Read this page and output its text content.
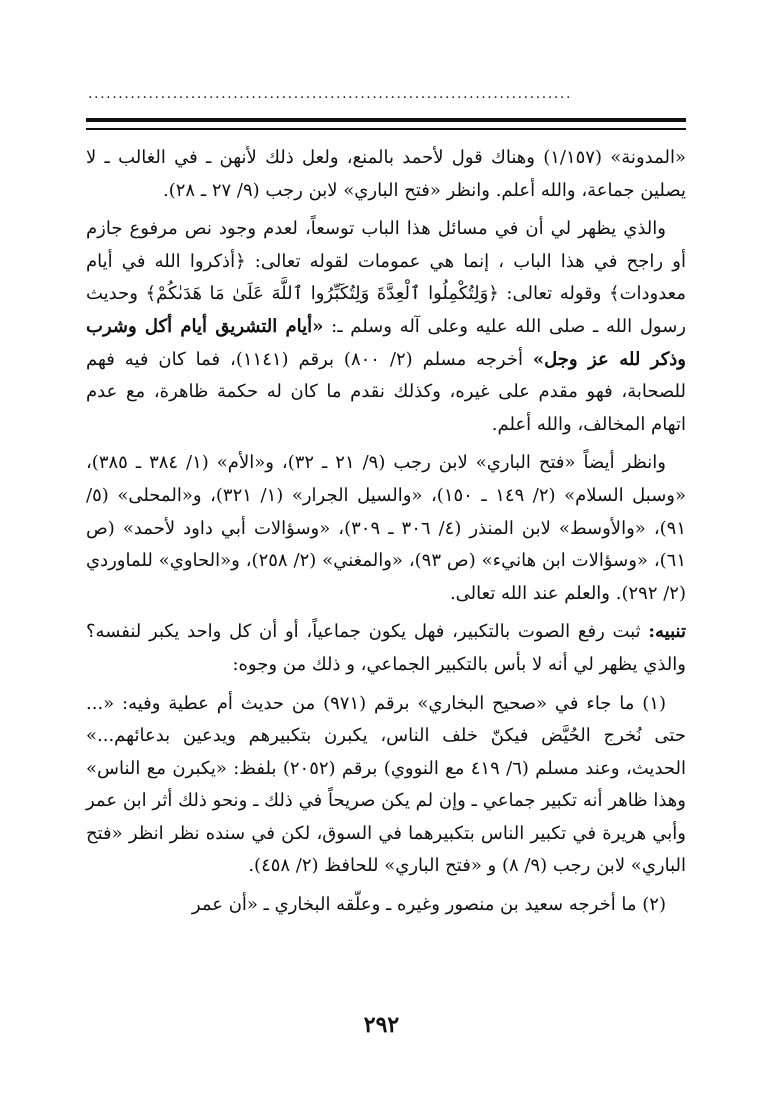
................................................................................

«المدونة» (١/١٥٧) وهناك قول لأحمد بالمنع، ولعل ذلك لأنهن ـ في الغالب ـ لا يصلين جماعة، والله أعلم. وانظر «فتح الباري» لابن رجب (٩/ ٢٧ ـ ٢٨).

والذي يظهر لي أن في مسائل هذا الباب توسعاً، لعدم وجود نص مرفوع جازم أو راجح في هذا الباب ، إنما هي عمومات لقوله تعالى: ﴿أذكروا الله في أيام معدودات﴾ وقوله تعالى: ﴿وَلِتُكْمِلُوا ٱلْعِدَّةَ وَلِتُكَبِّرُوا ٱللَّهَ عَلَىٰ مَا هَدَىٰكُمْ﴾ وحديث رسول الله ـ صلى الله عليه وعلى آله وسلم ـ: «أيام التشريق أيام أكل وشرب وذكر لله عز وجل» أخرجه مسلم (٢/ ٨٠٠) برقم (١١٤١)، فما كان فيه فهم للصحابة، فهو مقدم على غيره، وكذلك نقدم ما كان له حكمة ظاهرة، مع عدم اتهام المخالف، والله أعلم.

وانظر أيضاً «فتح الباري» لابن رجب (٩/ ٢١ ـ ٣٢)، و«الأم» (١/ ٣٨٤ ـ ٣٨٥)، «وسبل السلام» (٢/ ١٤٩ ـ ١٥٠)، «والسيل الجرار» (١/ ٣٢١)، و«المحلى» (٥/ ٩١)، «والأوسط» لابن المنذر (٤/ ٣٠٦ ـ ٣٠٩)، «وسؤالات أبي داود لأحمد» (ص ٦١)، «وسؤالات ابن هانيء» (ص ٩٣)، «والمغني» (٢/ ٢٥٨)، و«الحاوي» للماوردي (٢/ ٢٩٢). والعلم عند الله تعالى.

تنبيه: ثبت رفع الصوت بالتكبير، فهل يكون جماعياً، أو أن كل واحد يكبر لنفسه؟ والذي يظهر لي أنه لا بأس بالتكبير الجماعي، و ذلك من وجوه:

(١) ما جاء في «صحيح البخاري» برقم (٩٧١) من حديث أم عطية وفيه: «... حتى نُخرج الحُيَّض فيكنّ خلف الناس، يكبرن بتكبيرهم ويدعين بدعائهم...» الحديث، وعند مسلم (٦/ ٤١٩ مع النووي) برقم (٢٠٥٢) بلفظ: «يكبرن مع الناس» وهذا ظاهر أنه تكبير جماعي ـ وإن لم يكن صريحاً في ذلك ـ ونحو ذلك أثر ابن عمر وأبي هريرة في تكبير الناس بتكبيرهما في السوق، لكن في سنده نظر انظر «فتح الباري» لابن رجب (٩/ ٨) و «فتح الباري» للحافظ (٢/ ٤٥٨).

(٢) ما أخرجه سعيد بن منصور وغيره ـ وعلّقه البخاري ـ «أن عمر

٢٩٢
